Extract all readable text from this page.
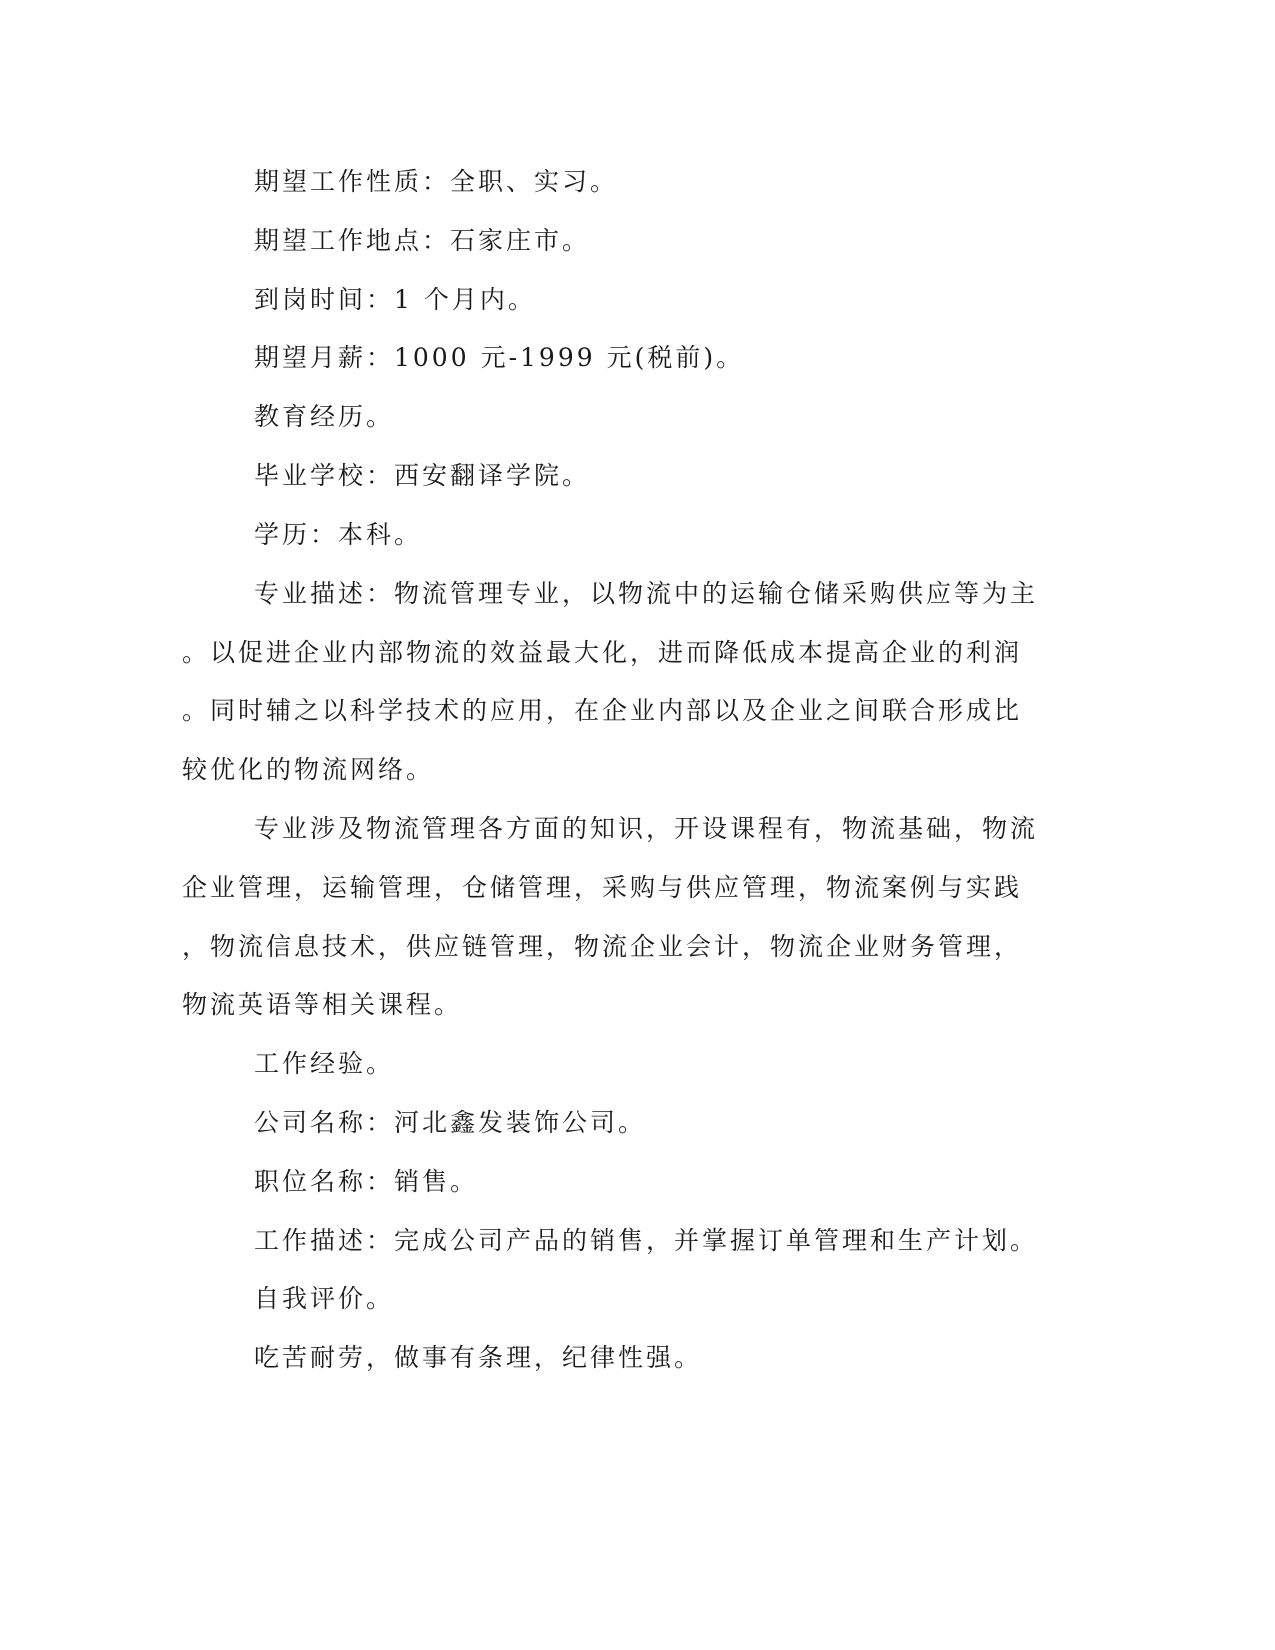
期望工作性质：全职、实习。
期望工作地点：石家庄市。
到岗时间：1 个月内。
期望月薪：1000 元-1999 元(税前)。
教育经历。
毕业学校：西安翻译学院。
学历：本科。
专业描述：物流管理专业，以物流中的运输仓储采购供应等为主
。以促进企业内部物流的效益最大化，进而降低成本提高企业的利润
。同时辅之以科学技术的应用，在企业内部以及企业之间联合形成比
较优化的物流网络。
专业涉及物流管理各方面的知识，开设课程有，物流基础，物流
企业管理，运输管理，仓储管理，采购与供应管理，物流案例与实践
，物流信息技术，供应链管理，物流企业会计，物流企业财务管理，
物流英语等相关课程。
工作经验。
公司名称：河北鑫发装饰公司。
职位名称：销售。
工作描述：完成公司产品的销售，并掌握订单管理和生产计划。
自我评价。
吃苦耐劳，做事有条理，纪律性强。
